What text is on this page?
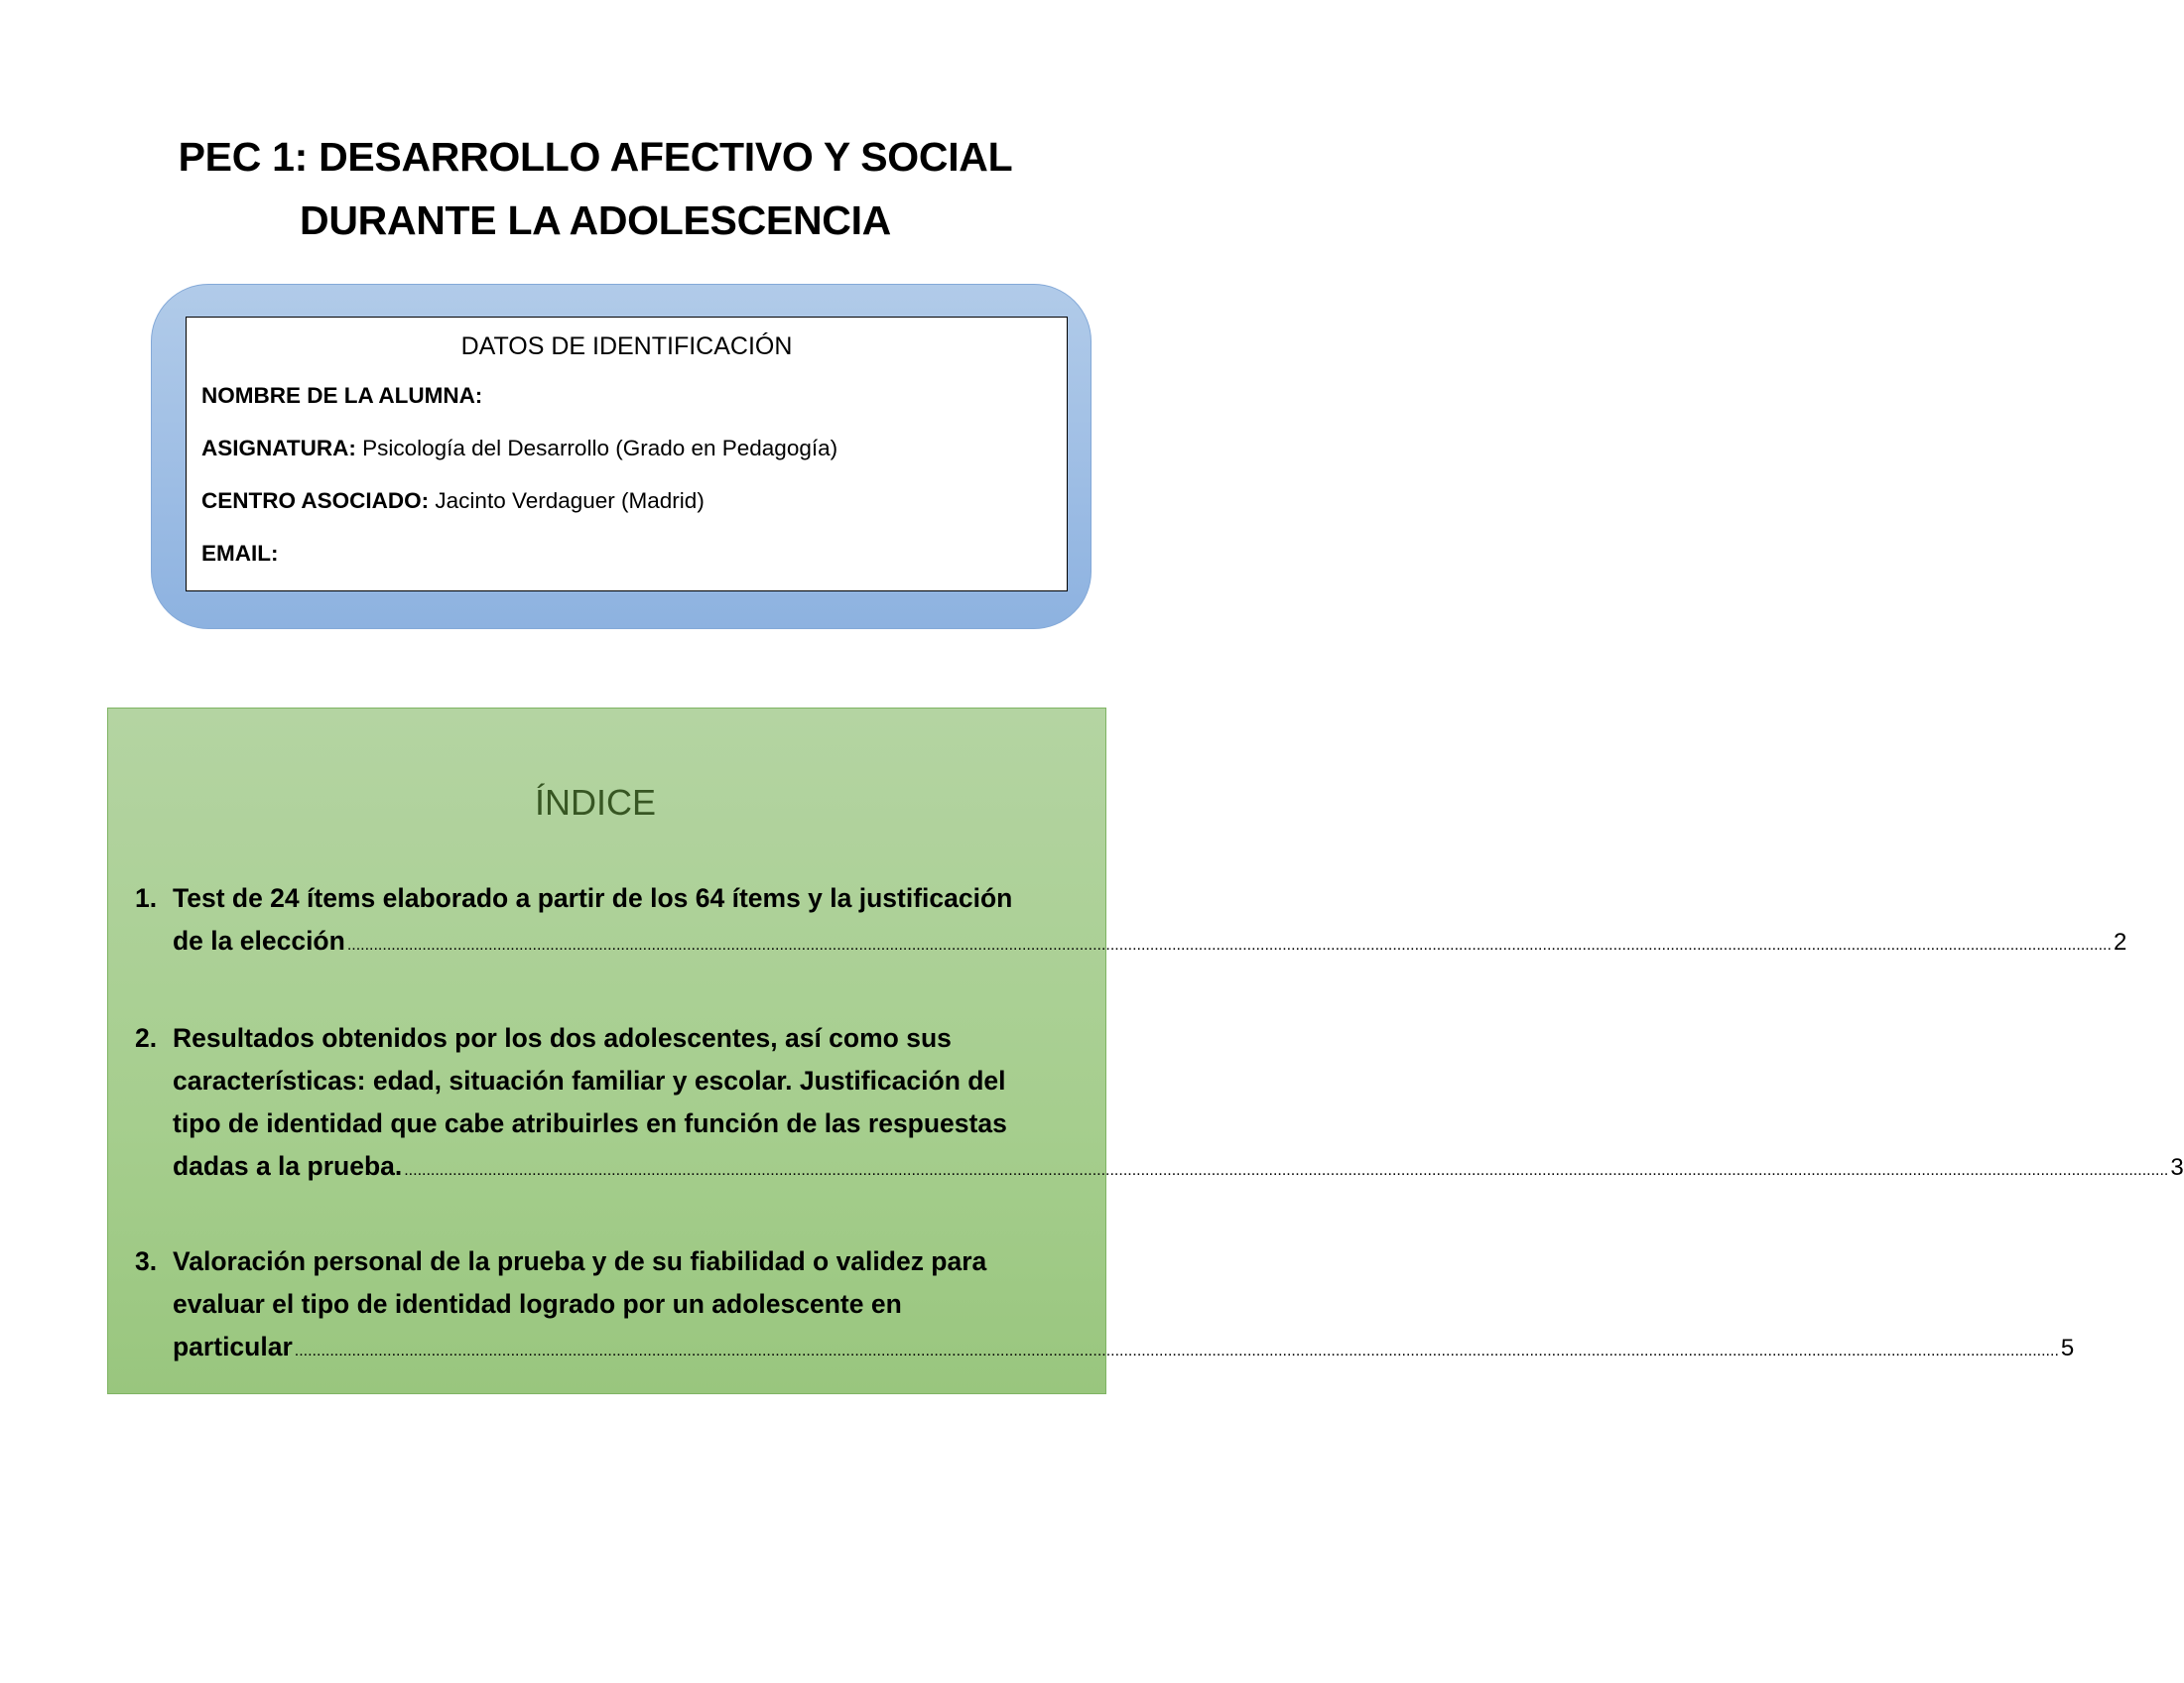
PEC 1: DESARROLLO AFECTIVO Y SOCIAL
DURANTE LA ADOLESCENCIA
DATOS DE IDENTIFICACIÓN
NOMBRE DE LA ALUMNA:
ASIGNATURA: Psicología del Desarrollo (Grado en Pedagogía)
CENTRO ASOCIADO: Jacinto Verdaguer (Madrid)
EMAIL:
ÍNDICE
1. Test de 24 ítems elaborado a partir de los 64 ítems y la justificación
de la elección ................................................................................................................................................................................................................................................................................................................................................................................................................ 2
2. Resultados obtenidos por los dos adolescentes, así como sus
características: edad, situación familiar y escolar. Justificación del
tipo de identidad que cabe atribuirles en función de las respuestas
dadas a la prueba. ................................................................................................................................................................................................................................................................................................................................................................................................................ 3
3. Valoración personal de la prueba y de su fiabilidad o validez para
evaluar el tipo de identidad logrado por un adolescente en
particular ................................................................................................................................................................................................................................................................................................................................................................................................................ 5
